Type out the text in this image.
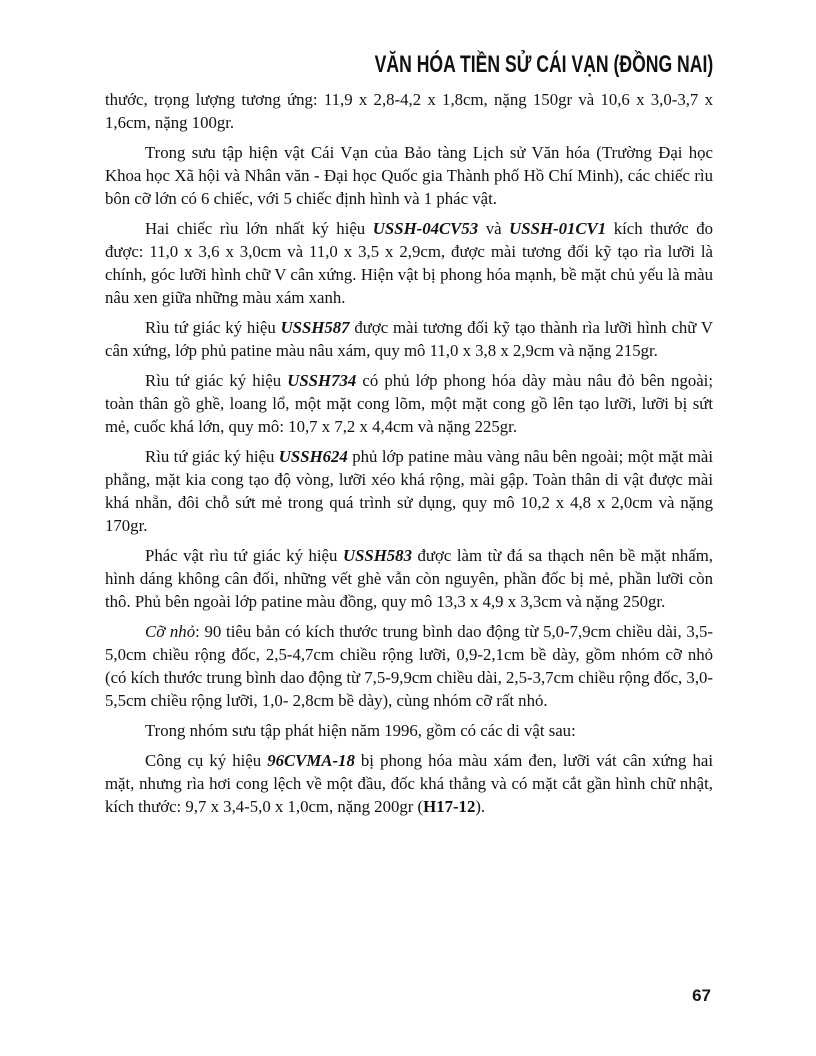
VĂN HÓA TIỀN SỬ CÁI VẠN (ĐỒNG NAI)

thước, trọng lượng tương ứng: 11,9 x 2,8-4,2 x 1,8cm, nặng 150gr và 10,6 x 3,0-3,7 x 1,6cm, nặng 100gr.

Trong sưu tập hiện vật Cái Vạn của Bảo tàng Lịch sử Văn hóa (Trường Đại học Khoa học Xã hội và Nhân văn - Đại học Quốc gia Thành phố Hồ Chí Minh), các chiếc rìu bôn cỡ lớn có 6 chiếc, với 5 chiếc định hình và 1 phác vật.

Hai chiếc rìu lớn nhất ký hiệu USSH-04CV53 và USSH-01CV1 kích thước đo được: 11,0 x 3,6 x 3,0cm và 11,0 x 3,5 x 2,9cm, được mài tương đối kỹ tạo rìa lưỡi là chính, góc lưỡi hình chữ V cân xứng. Hiện vật bị phong hóa mạnh, bề mặt chủ yếu là màu nâu xen giữa những màu xám xanh.

Rìu tứ giác ký hiệu USSH587 được mài tương đối kỹ tạo thành rìa lưỡi hình chữ V cân xứng, lớp phủ patine màu nâu xám, quy mô 11,0 x 3,8 x 2,9cm và nặng 215gr.

Rìu tứ giác ký hiệu USSH734 có phủ lớp phong hóa dày màu nâu đỏ bên ngoài; toàn thân gồ ghề, loang lổ, một mặt cong lõm, một mặt cong gồ lên tạo lưỡi, lưỡi bị sứt mẻ, cuốc khá lớn, quy mô: 10,7 x 7,2 x 4,4cm và nặng 225gr.

Rìu tứ giác ký hiệu USSH624 phủ lớp patine màu vàng nâu bên ngoài; một mặt mài phẳng, mặt kia cong tạo độ vòng, lưỡi xéo khá rộng, mài gập. Toàn thân di vật được mài khá nhẵn, đôi chỗ sứt mẻ trong quá trình sử dụng, quy mô 10,2 x 4,8 x 2,0cm và nặng 170gr.

Phác vật rìu tứ giác ký hiệu USSH583 được làm từ đá sa thạch nên bề mặt nhấm, hình dáng không cân đối, những vết ghè vẫn còn nguyên, phần đốc bị mẻ, phần lưỡi còn thô. Phủ bên ngoài lớp patine màu đồng, quy mô 13,3 x 4,9 x 3,3cm và nặng 250gr.

Cỡ nhỏ: 90 tiêu bản có kích thước trung bình dao động từ 5,0-7,9cm chiều dài, 3,5-5,0cm chiều rộng đốc, 2,5-4,7cm chiều rộng lưỡi, 0,9-2,1cm bề dày, gồm nhóm cỡ nhỏ (có kích thước trung bình dao động từ 7,5-9,9cm chiều dài, 2,5-3,7cm chiều rộng đốc, 3,0-5,5cm chiều rộng lưỡi, 1,0- 2,8cm bề dày), cùng nhóm cỡ rất nhỏ.

Trong nhóm sưu tập phát hiện năm 1996, gồm có các di vật sau:

Công cụ ký hiệu 96CVMA-18 bị phong hóa màu xám đen, lưỡi vát cân xứng hai mặt, nhưng rìa hơi cong lệch về một đầu, đốc khá thẳng và có mặt cắt gần hình chữ nhật, kích thước: 9,7 x 3,4-5,0 x 1,0cm, nặng 200gr (H17-12).

67
